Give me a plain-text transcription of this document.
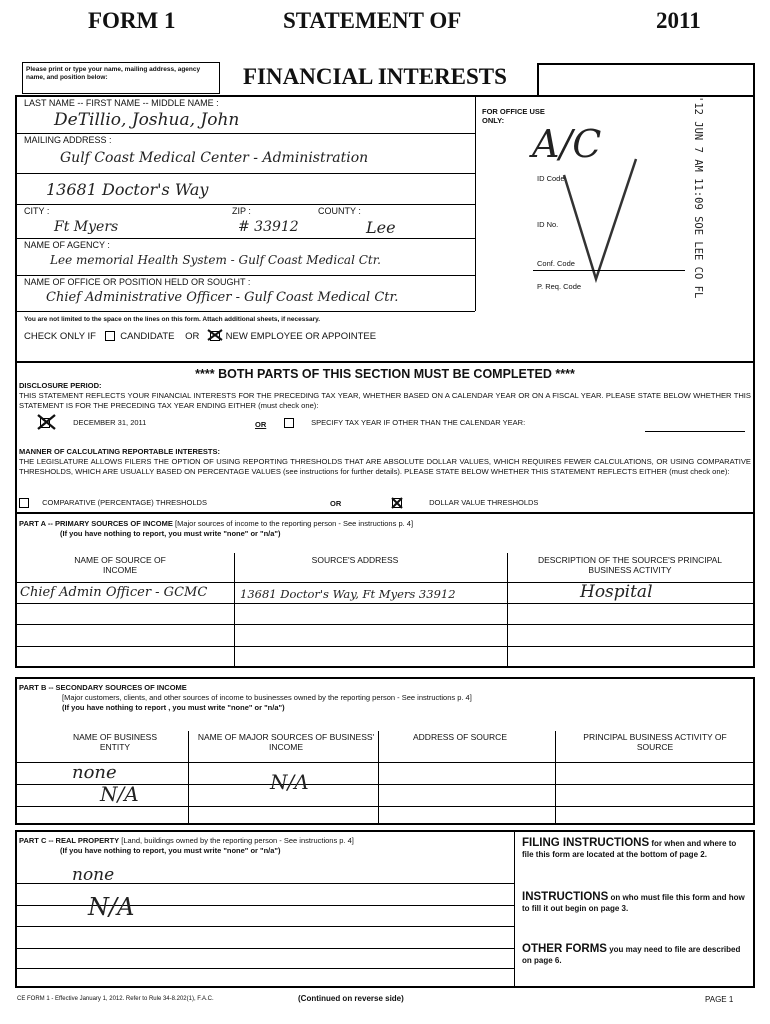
FORM 1	STATEMENT OF	2011
Please print or type your name, mailing address, agency name, and position below:	FINANCIAL INTERESTS
LAST NAME -- FIRST NAME -- MIDDLE NAME :
DeTillio, Joshua, John
MAILING ADDRESS :
Gulf Coast Medical Center - Administration
13681 Doctor's Way
CITY :
Ft Myers
ZIP :
# 33912
COUNTY :
Lee
NAME OF AGENCY :
Lee memorial Health System - Gulf Coast Medical Ctr.
NAME OF OFFICE OR POSITION HELD OR SOUGHT :
Chief Administrative Officer - Gulf Coast Medical Ctr.
You are not limited to the space on the lines on this form. Attach additional sheets, if necessary.
CHECK ONLY IF	CANDIDATE OR	NEW EMPLOYEE OR APPOINTEE
FOR OFFICE USE ONLY:
A/C
ID Code
ID No.
Conf. Code
P. Req. Code	'12 JUN 7 AM 11:09 SOE LEE CO FL
**** BOTH PARTS OF THIS SECTION MUST BE COMPLETED ****
DISCLOSURE PERIOD:
THIS STATEMENT REFLECTS YOUR FINANCIAL INTERESTS FOR THE PRECEDING TAX YEAR, WHETHER BASED ON A CALENDAR YEAR OR ON A FISCAL YEAR. PLEASE STATE BELOW WHETHER THIS STATEMENT IS FOR THE PRECEDING TAX YEAR ENDING EITHER (must check one):
DECEMBER 31, 2011	OR	SPECIFY TAX YEAR IF OTHER THAN THE CALENDAR YEAR:
MANNER OF CALCULATING REPORTABLE INTERESTS:
THE LEGISLATURE ALLOWS FILERS THE OPTION OF USING REPORTING THRESHOLDS THAT ARE ABSOLUTE DOLLAR VALUES, WHICH REQUIRES FEWER CALCULATIONS, OR USING COMPARATIVE THRESHOLDS, WHICH ARE USUALLY BASED ON PERCENTAGE VALUES (see instructions for further details). PLEASE STATE BELOW WHETHER THIS STATEMENT REFLECTS EITHER (must check one):
COMPARATIVE (PERCENTAGE) THRESHOLDS	OR	DOLLAR VALUE THRESHOLDS
PART A -- PRIMARY SOURCES OF INCOME [Major sources of income to the reporting person - See instructions p. 4]
(If you have nothing to report, you must write "none" or "n/a")
NAME OF SOURCE OF INCOME
SOURCE'S ADDRESS	DESCRIPTION OF THE SOURCE'S PRINCIPAL BUSINESS ACTIVITY
Chief Admin Officer - GCMC	13681 Doctor's Way, Ft Myers 33912	Hospital
PART B -- SECONDARY SOURCES OF INCOME
[Major customers, clients, and other sources of income to businesses owned by the reporting person - See instructions p. 4]
(If you have nothing to report , you must write "none" or "n/a")
NAME OF BUSINESS ENTITY
NAME OF MAJOR SOURCES OF BUSINESS' INCOME
ADDRESS OF SOURCE	PRINCIPAL BUSINESS ACTIVITY OF SOURCE
none
N/A	N/A
PART C -- REAL PROPERTY [Land, buildings owned by the reporting person - See instructions p. 4]
(If you have nothing to report, you must write "none" or "n/a")
none
N/A
FILING INSTRUCTIONS for when and where to file this form are located at the bottom of page 2.
INSTRUCTIONS on who must file this form and how to fill it out begin on page 3.
OTHER FORMS you may need to file are described on page 6.
CE FORM 1 - Effective January 1, 2012. Refer to Rule 34-8.202(1), F.A.C.	(Continued on reverse side)	PAGE 1
